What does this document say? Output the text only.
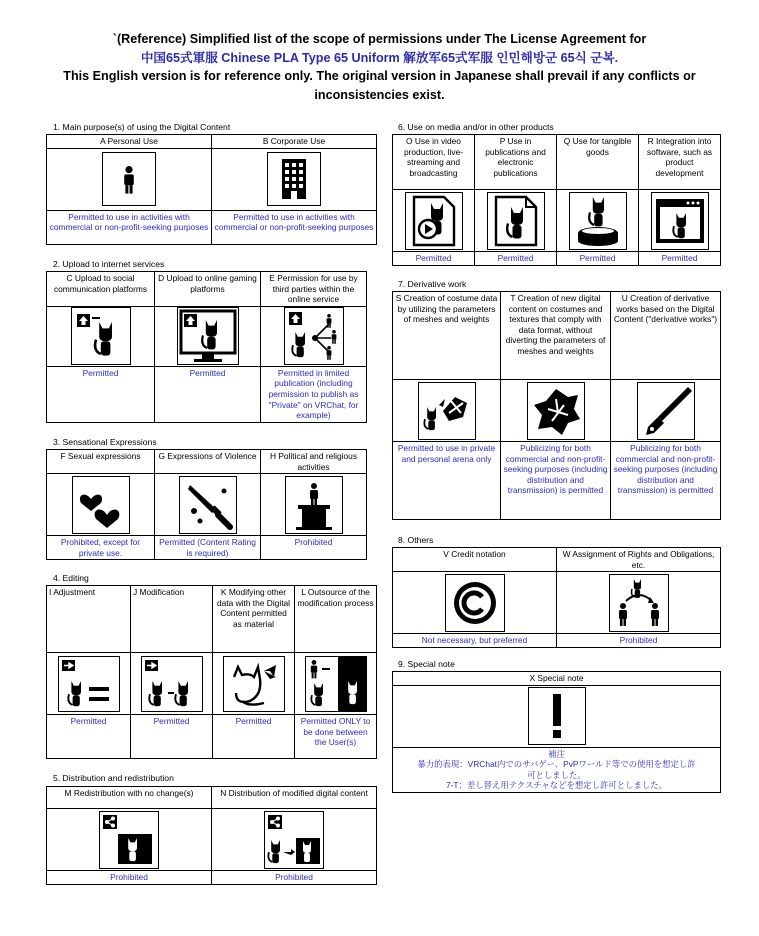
`(Reference) Simplified list of the scope of permissions under The License Agreement for
中国65式軍服 Chinese PLA Type 65 Uniform 解放军65式军服 인민해방군 65식 군복.
This English version is for reference only. The original version in Japanese shall prevail if any conflicts or
inconsistencies exist.
1. Main purpose(s) of using the Digital Content
A Personal Use	B Corporate Use

Permitted to use in activities with commercial or non-profit-seeking purposes	Permitted to use in activities with commercial or non-profit-seeking purposes
2. Upload to internet services
C Upload to social communication platforms	D Upload to online gaming platforms	E Permission for use by third parties within the online service

Permitted	Permitted	Permitted in limited publication (including permission to publish as "Private" on VRChat, for example)
3. Sensational Expressions
F Sexual expressions	G Expressions of Violence	H Political and religious activities

Prohibited, except for private use.	Permitted (Content Rating is required)	Prohibited
4. Editing
I Adjustment	J Modification	K Modifying other data with the Digital Content permitted as material	L Outsource of the modification process

Permitted	Permitted	Permitted	Permitted ONLY to be done between the User(s)
5. Distribution and redistribution
M Redistribution with no change(s)	N Distribution of modified digital content

Prohibited	Prohibited
6. Use on media and/or in other products
O Use in video production, live-streaming and broadcasting	P Use in publications and electronic publications	Q Use for tangible goods	R Integration into software, such as product development

Permitted	Permitted	Permitted	Permitted
7. Derivative work
S Creation of costume data by utilizing the parameters of meshes and weights	T Creation of new digital content on costumes and textures that comply with data format, without diverting the parameters of meshes and weights	U Creation of derivative works based on the Digital Content ("derivative works")

Permitted to use in private and personal arena only	Publicizing for both commercial and non-profit-seeking purposes (including distribution and transmission) is permitted	Publicizing for both commercial and non-profit-seeking purposes (including distribution and transmission) is permitted
8. Others
V Credit notation	W Assignment of Rights and Obligations, etc.

Not necessary, but preferred	Prohibited
9. Special note
X Special note

補注
暴力的表現：VRChat内でのサバゲー、PvPワールド等での使用を想定し許
可としました。
7-T：差し替え用テクスチャなどを想定し許可としました。
